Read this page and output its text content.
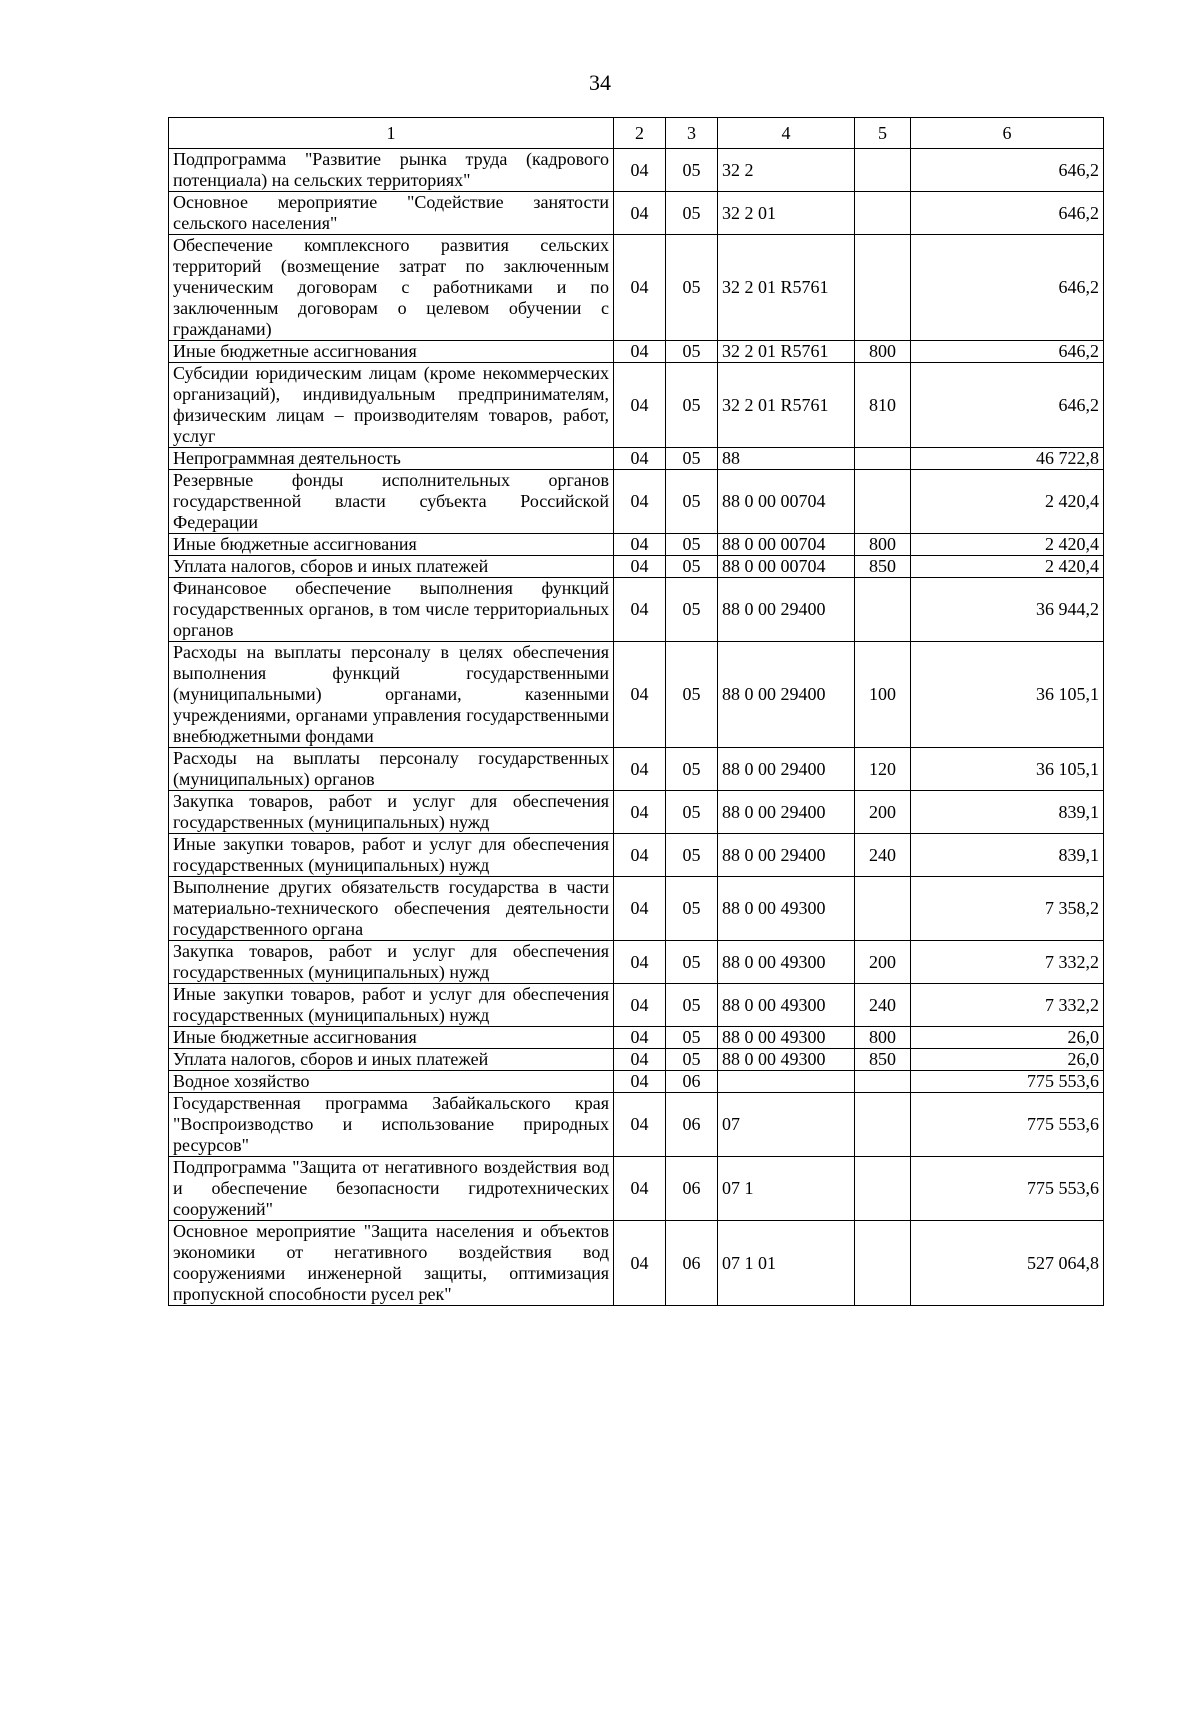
34
1	2	3	4	5	6
Подпрограмма "Развитие рынка труда (кадрового потенциала) на сельских территориях"	04	05	32 2		646,2
Основное мероприятие "Содействие занятости сельского населения"	04	05	32 2 01		646,2
Обеспечение комплексного развития сельских территорий (возмещение затрат по заключенным ученическим договорам с работниками и по заключенным договорам о целевом обучении с гражданами)	04	05	32 2 01 R5761		646,2
Иные бюджетные ассигнования	04	05	32 2 01 R5761	800	646,2
Субсидии юридическим лицам (кроме некоммерческих организаций), индивидуальным предпринимателям, физическим лицам – производителям товаров, работ, услуг	04	05	32 2 01 R5761	810	646,2
Непрограммная деятельность	04	05	88		46 722,8
Резервные фонды исполнительных органов государственной власти субъекта Российской Федерации	04	05	88 0 00 00704		2 420,4
Иные бюджетные ассигнования	04	05	88 0 00 00704	800	2 420,4
Уплата налогов, сборов и иных платежей	04	05	88 0 00 00704	850	2 420,4
Финансовое обеспечение выполнения функций государственных органов, в том числе территориальных органов	04	05	88 0 00 29400		36 944,2
Расходы на выплаты персоналу в целях обеспечения выполнения функций государственными (муниципальными) органами, казенными учреждениями, органами управления государственными внебюджетными фондами	04	05	88 0 00 29400	100	36 105,1
Расходы на выплаты персоналу государственных (муниципальных) органов	04	05	88 0 00 29400	120	36 105,1
Закупка товаров, работ и услуг для обеспечения государственных (муниципальных) нужд	04	05	88 0 00 29400	200	839,1
Иные закупки товаров, работ и услуг для обеспечения государственных (муниципальных) нужд	04	05	88 0 00 29400	240	839,1
Выполнение других обязательств государства в части материально-технического обеспечения деятельности государственного органа	04	05	88 0 00 49300		7 358,2
Закупка товаров, работ и услуг для обеспечения государственных (муниципальных) нужд	04	05	88 0 00 49300	200	7 332,2
Иные закупки товаров, работ и услуг для обеспечения государственных (муниципальных) нужд	04	05	88 0 00 49300	240	7 332,2
Иные бюджетные ассигнования	04	05	88 0 00 49300	800	26,0
Уплата налогов, сборов и иных платежей	04	05	88 0 00 49300	850	26,0
Водное хозяйство	04	06			775 553,6
Государственная программа Забайкальского края "Воспроизводство и использование природных ресурсов"	04	06	07		775 553,6
Подпрограмма "Защита от негативного воздействия вод и обеспечение безопасности гидротехнических сооружений"	04	06	07 1		775 553,6
Основное мероприятие "Защита населения и объектов экономики от негативного воздействия вод сооружениями инженерной защиты, оптимизация пропускной способности русел рек"	04	06	07 1 01		527 064,8
